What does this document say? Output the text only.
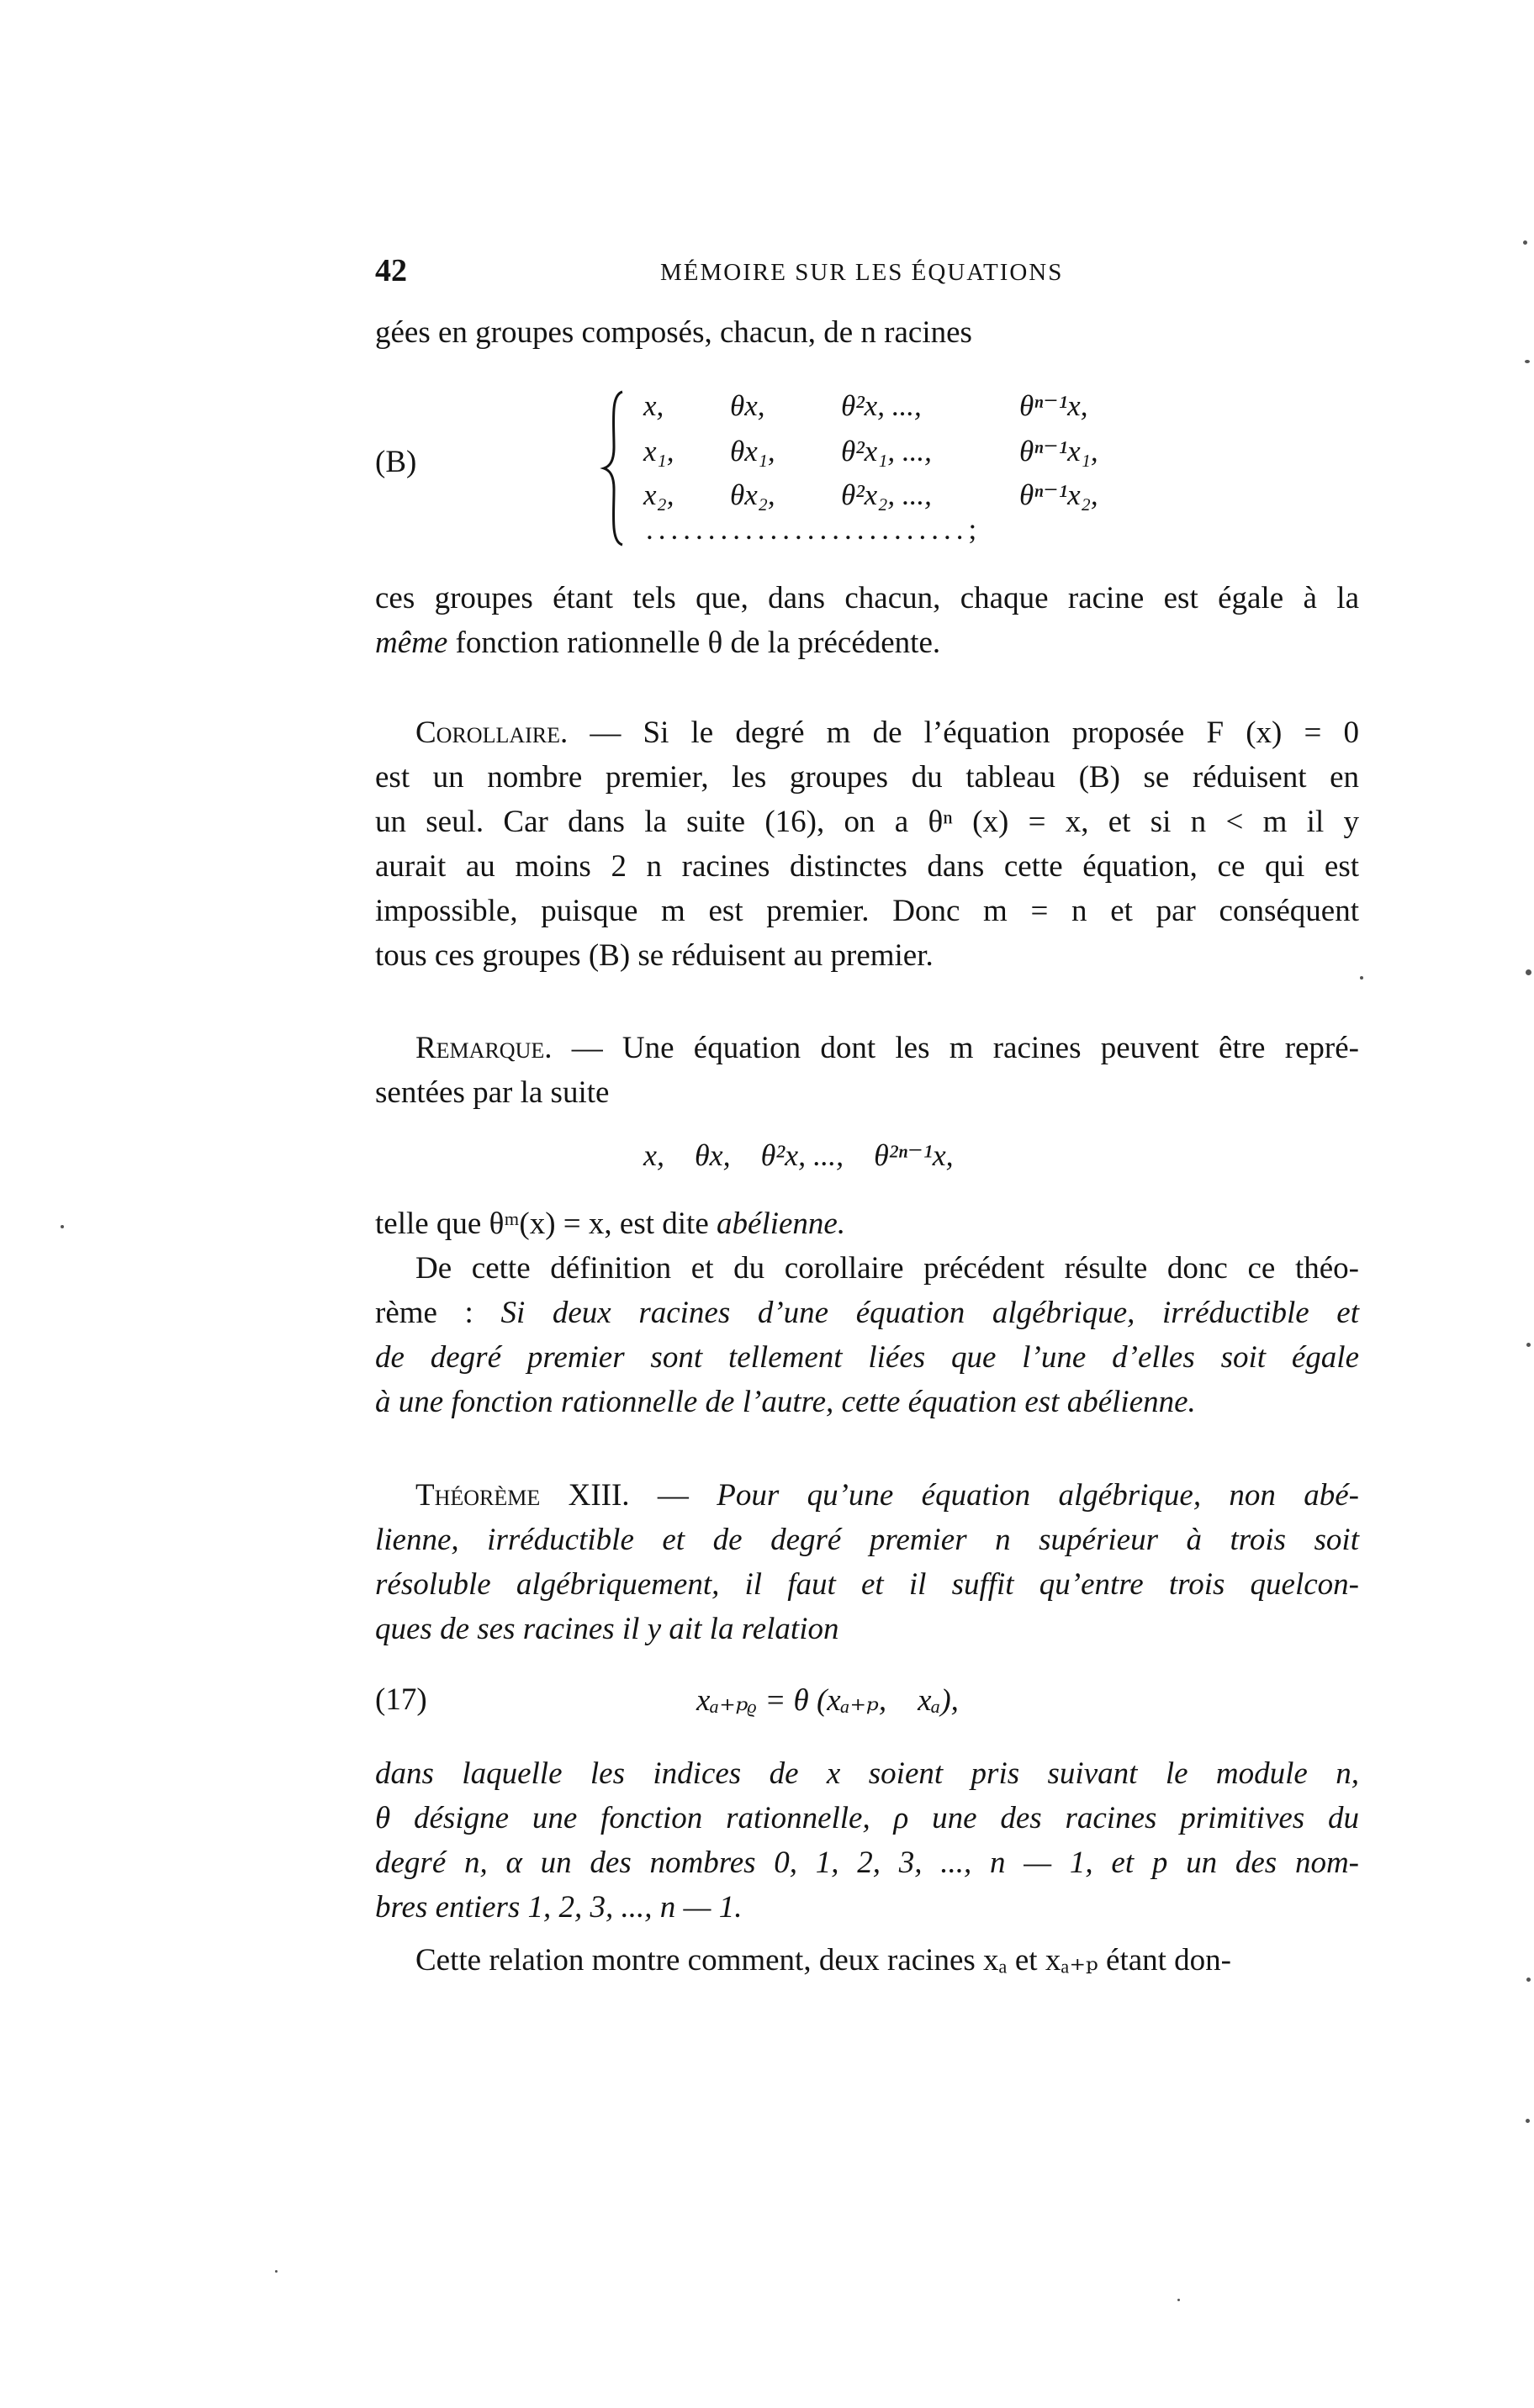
42	MÉMOIRE SUR LES ÉQUATIONS
gées en groupes composés, chacun, de n racines
(B)
x, θx,	θ²x, ...,	θⁿ⁻¹x,
x₁, θx₁, θ²x₁, ...,	θⁿ⁻¹x₁,
x₂, θx₂, θ²x₂, ...,	θⁿ⁻¹x₂,
..........................;
ces groupes étant tels que, dans chacun, chaque racine est égale à la
même fonction rationnelle θ de la précédente.
Corollaire. — Si le degré m de l’équation proposée F (x) = 0
est un nombre premier, les groupes du tableau (B) se réduisent en
un seul. Car dans la suite (16), on a θⁿ (x) = x, et si n < m il y
aurait au moins 2 n racines distinctes dans cette équation, ce qui est
impossible, puisque m est premier. Donc m = n et par conséquent
tous ces groupes (B) se réduisent au premier.
Remarque. — Une équation dont les m racines peuvent être repré-
sentées par la suite
x,    θx,    θ²x, ...,    θ²ⁿ⁻¹x,
telle que θᵐ(x) = x, est dite abélienne.
De cette définition et du corollaire précédent résulte donc ce théo-
rème : Si deux racines d’une équation algébrique, irréductible et
de degré premier sont tellement liées que l’une d’elles soit égale
à une fonction rationnelle de l’autre, cette équation est abélienne.
Théorème XIII. — Pour qu’une équation algébrique, non abé-
lienne, irréductible et de degré premier n supérieur à trois soit
résoluble algébriquement, il faut et il suffit qu’entre trois quelcon-
ques de ses racines il y ait la relation
(17)	xₐ₊ₚᵨ = θ (xₐ₊ₚ,    xₐ),
dans laquelle les indices de x soient pris suivant le module n,
θ désigne une fonction rationnelle, ρ une des racines primitives du
degré n, α un des nombres 0, 1, 2, 3, ..., n — 1, et p un des nom-
bres entiers 1, 2, 3, ..., n — 1.
Cette relation montre comment, deux racines xₐ et xₐ₊ₚ étant don-
